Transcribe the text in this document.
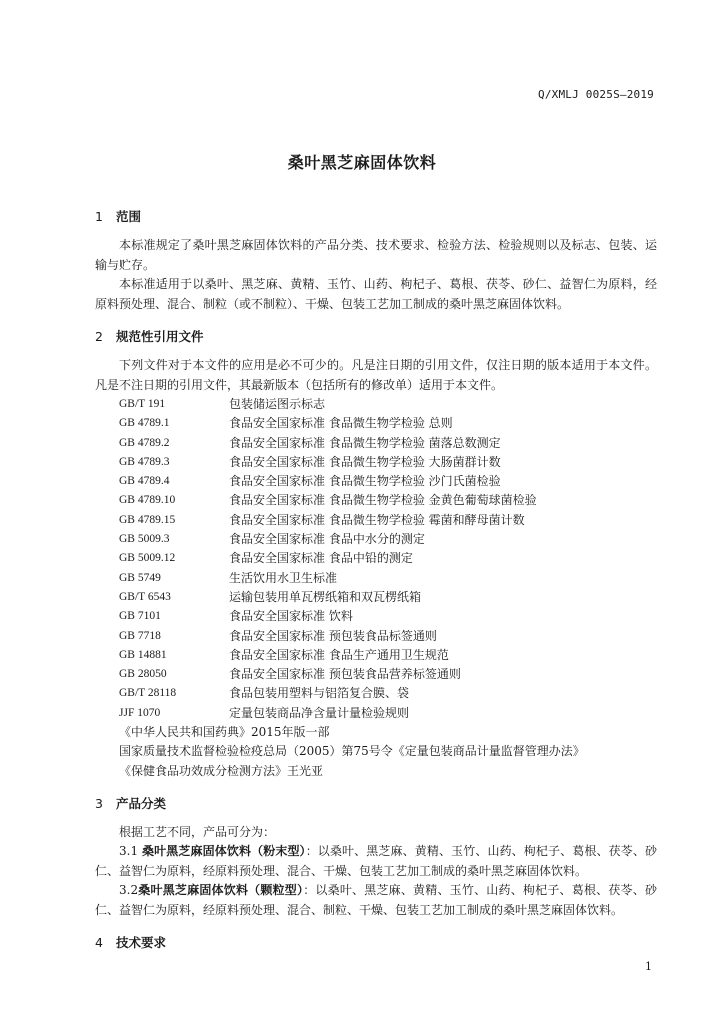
Q/XMLJ 0025S—2019
桑叶黑芝麻固体饮料
1 范围

本标准规定了桑叶黑芝麻固体饮料的产品分类、技术要求、检验方法、检验规则以及标志、包装、运输与贮存。

本标准适用于以桑叶、黑芝麻、黄精、玉竹、山药、枸杞子、葛根、茯苓、砂仁、益智仁为原料，经原料预处理、混合、制粒（或不制粒）、干燥、包装工艺加工制成的桑叶黑芝麻固体饮料。

2 规范性引用文件

下列文件对于本文件的应用是必不可少的。凡是注日期的引用文件，仅注日期的版本适用于本文件。凡是不注日期的引用文件，其最新版本（包括所有的修改单）适用于本文件。

GB/T 191	包装储运图示标志
GB 4789.1	食品安全国家标准 食品微生物学检验 总则
GB 4789.2	食品安全国家标准 食品微生物学检验 菌落总数测定
GB 4789.3	食品安全国家标准 食品微生物学检验 大肠菌群计数
GB 4789.4	食品安全国家标准 食品微生物学检验 沙门氏菌检验
GB 4789.10	食品安全国家标准 食品微生物学检验 金黄色葡萄球菌检验
GB 4789.15	食品安全国家标准 食品微生物学检验 霉菌和酵母菌计数
GB 5009.3	食品安全国家标准 食品中水分的测定
GB 5009.12	食品安全国家标准 食品中铅的测定
GB 5749	生活饮用水卫生标准
GB/T 6543	运输包装用单瓦楞纸箱和双瓦楞纸箱
GB 7101	食品安全国家标准 饮料
GB 7718	食品安全国家标准 预包装食品标签通则
GB 14881	食品安全国家标准 食品生产通用卫生规范
GB 28050	食品安全国家标准 预包装食品营养标签通则
GB/T 28118	食品包装用塑料与铝箔复合膜、袋
JJF 1070	定量包装商品净含量计量检验规则
《中华人民共和国药典》2015年版一部
国家质量技术监督检验检疫总局（2005）第75号令《定量包装商品计量监督管理办法》
《保健食品功效成分检测方法》王光亚
3 产品分类

根据工艺不同，产品可分为：

3.1 桑叶黑芝麻固体饮料（粉末型）：以桑叶、黑芝麻、黄精、玉竹、山药、枸杞子、葛根、茯苓、砂仁、益智仁为原料，经原料预处理、混合、干燥、包装工艺加工制成的桑叶黑芝麻固体饮料。

3.2桑叶黑芝麻固体饮料（颗粒型）：以桑叶、黑芝麻、黄精、玉竹、山药、枸杞子、葛根、茯苓、砂仁、益智仁为原料，经原料预处理、混合、制粒、干燥、包装工艺加工制成的桑叶黑芝麻固体饮料。

4 技术要求
1
